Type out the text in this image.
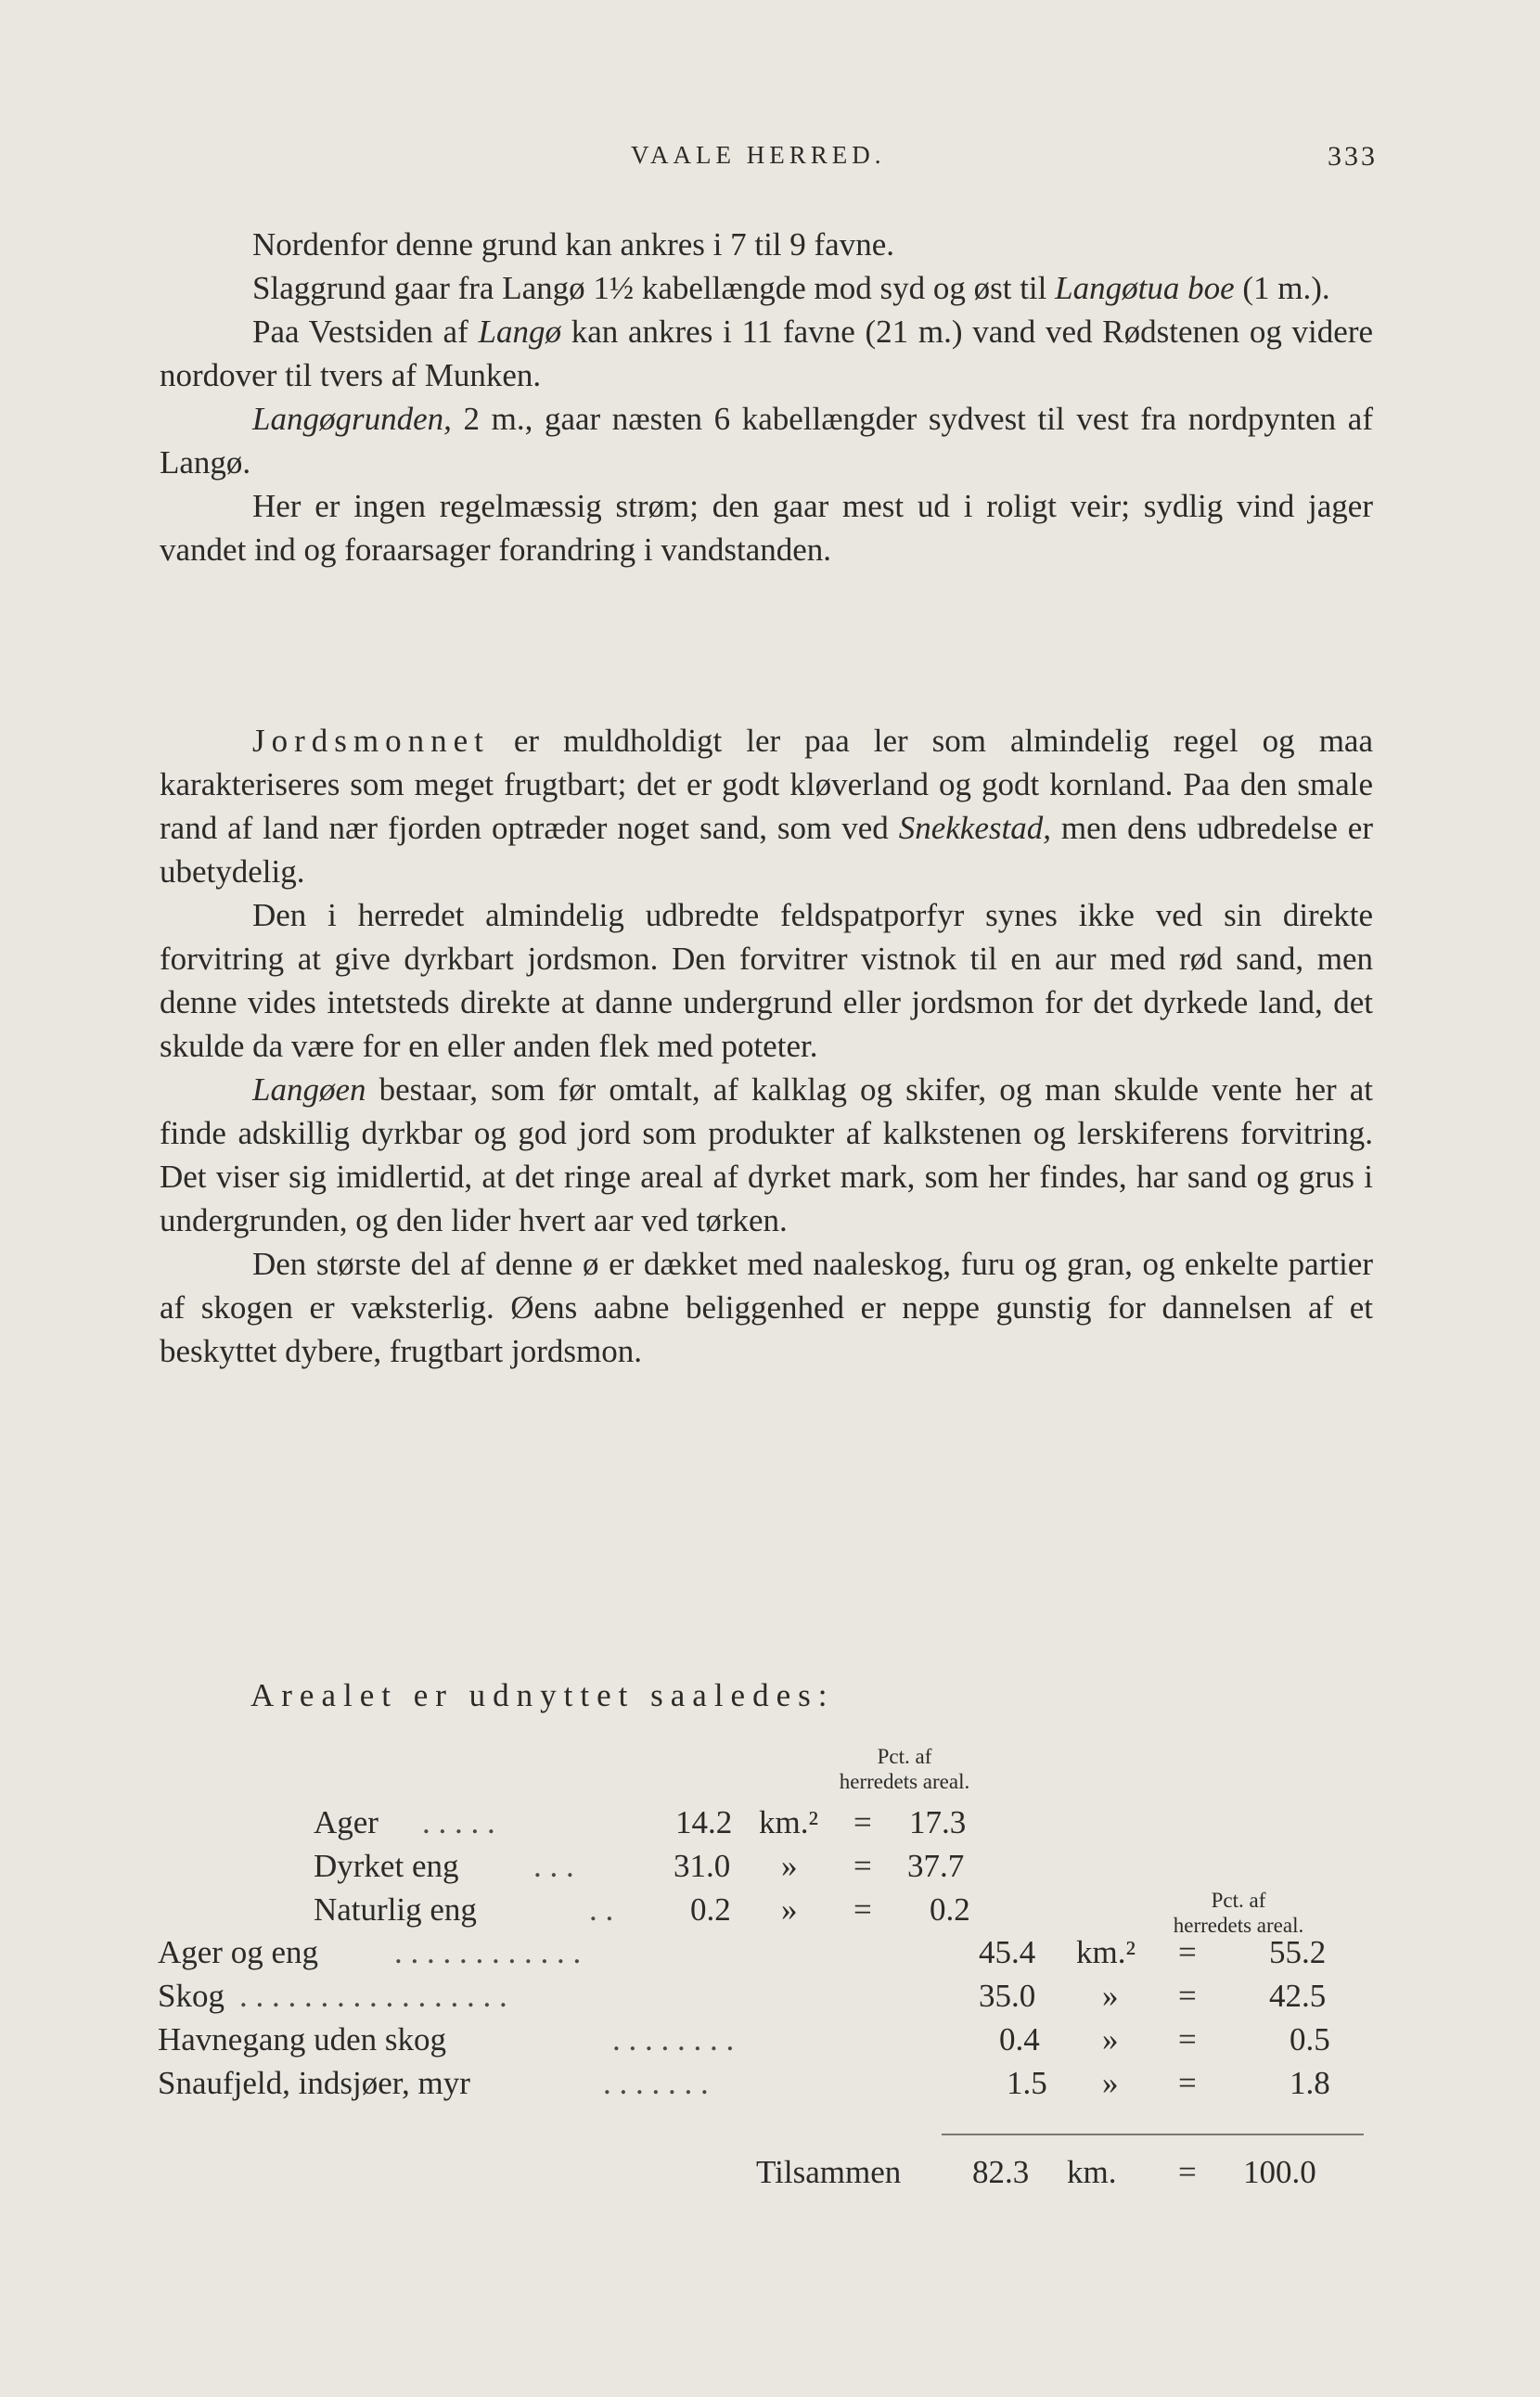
VAALE HERRED.	333

Nordenfor denne grund kan ankres i 7 til 9 favne.

Slaggrund gaar fra Langø 1½ kabellængde mod syd og øst til Langøtua boe (1 m.).

Paa Vestsiden af Langø kan ankres i 11 favne (21 m.) vand ved Rødstenen og videre nordover til tvers af Munken.

Langøgrunden, 2 m., gaar næsten 6 kabellængder sydvest til vest fra nordpynten af Langø.

Her er ingen regelmæssig strøm; den gaar mest ud i roligt veir; sydlig vind jager vandet ind og foraarsager forandring i vandstanden.

Jordsmonnet er muldholdigt ler paa ler som almindelig regel og maa karakteriseres som meget frugtbart; det er godt kløverland og godt kornland. Paa den smale rand af land nær fjorden optræder noget sand, som ved Snekkestad, men dens udbredelse er ubetydelig.

Den i herredet almindelig udbredte feldspatporfyr synes ikke ved sin direkte forvitring at give dyrkbart jordsmon. Den forvitrer vistnok til en aur med rød sand, men denne vides intetsteds direkte at danne undergrund eller jordsmon for det dyrkede land, det skulde da være for en eller anden flek med poteter.

Langøen bestaar, som før omtalt, af kalklag og skifer, og man skulde vente her at finde adskillig dyrkbar og god jord som produkter af kalkstenen og lerskiferens forvitring. Det viser sig imidlertid, at det ringe areal af dyrket mark, som her findes, har sand og grus i undergrunden, og den lider hvert aar ved tørken.

Den største del af denne ø er dækket med naaleskog, furu og gran, og enkelte partier af skogen er væksterlig. Øens aabne beliggenhed er neppe gunstig for dannelsen af et beskyttet dybere, frugtbart jordsmon.

Arealet er udnyttet saaledes:
Pct. af
herredets areal.
Pct. af
herredets areal.
Ager . . . . .	14.2 km.² = 17.3
Dyrket eng . . .	31.0 » = 37.7
Naturlig eng	. . 0.2 » = 0.2
Ager og eng . . . . . . . . . . . .	45.4 km.² = 55.2
Skog . . . . . . . . . . . . . . . . .	35.0 » = 42.5
Havnegang uden skog	. . . . . . . .	0.4 » =	0.5
Snaufjeld, indsjøer, myr	. . . . . . .	1.5 » =	1.8
Tilsammen 82.3 km. = 100.0
